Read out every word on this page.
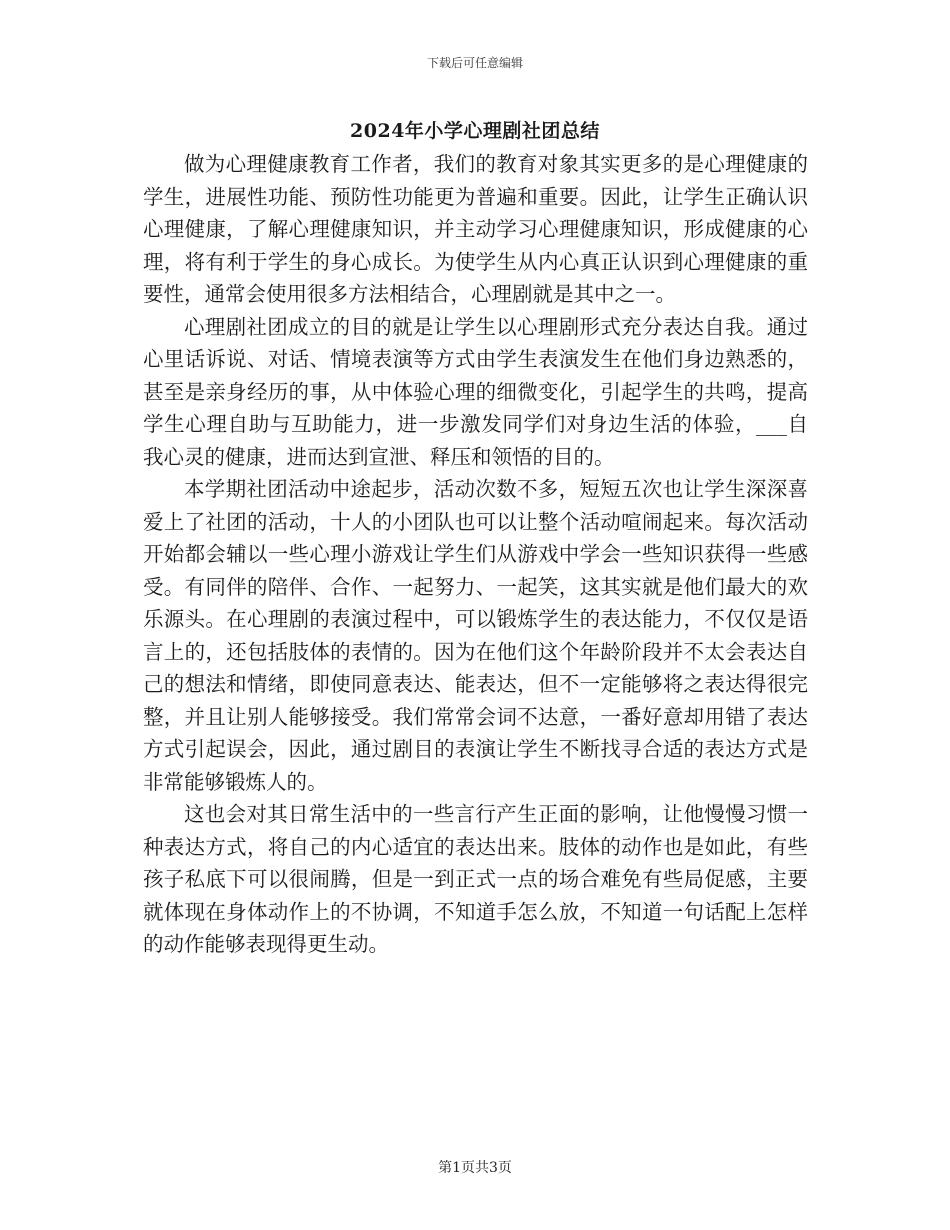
下载后可任意编辑
2024年小学心理剧社团总结

做为心理健康教育工作者，我们的教育对象其实更多的是心理健康的学生，进展性功能、预防性功能更为普遍和重要。因此，让学生正确认识心理健康，了解心理健康知识，并主动学习心理健康知识，形成健康的心理，将有利于学生的身心成长。为使学生从内心真正认识到心理健康的重要性，通常会使用很多方法相结合，心理剧就是其中之一。

心理剧社团成立的目的就是让学生以心理剧形式充分表达自我。通过心里话诉说、对话、情境表演等方式由学生表演发生在他们身边熟悉的，甚至是亲身经历的事，从中体验心理的细微变化，引起学生的共鸣，提高学生心理自助与互助能力，进一步激发同学们对身边生活的体验，___自我心灵的健康，进而达到宣泄、释压和领悟的目的。

本学期社团活动中途起步，活动次数不多，短短五次也让学生深深喜爱上了社团的活动，十人的小团队也可以让整个活动喧闹起来。每次活动开始都会辅以一些心理小游戏让学生们从游戏中学会一些知识获得一些感受。有同伴的陪伴、合作、一起努力、一起笑，这其实就是他们最大的欢乐源头。在心理剧的表演过程中，可以锻炼学生的表达能力，不仅仅是语言上的，还包括肢体的表情的。因为在他们这个年龄阶段并不太会表达自己的想法和情绪，即使同意表达、能表达，但不一定能够将之表达得很完整，并且让别人能够接受。我们常常会词不达意，一番好意却用错了表达方式引起误会，因此，通过剧目的表演让学生不断找寻合适的表达方式是非常能够锻炼人的。

这也会对其日常生活中的一些言行产生正面的影响，让他慢慢习惯一种表达方式，将自己的内心适宜的表达出来。肢体的动作也是如此，有些孩子私底下可以很闹腾，但是一到正式一点的场合难免有些局促感，主要就体现在身体动作上的不协调，不知道手怎么放，不知道一句话配上怎样的动作能够表现得更生动。

第1页共3页
